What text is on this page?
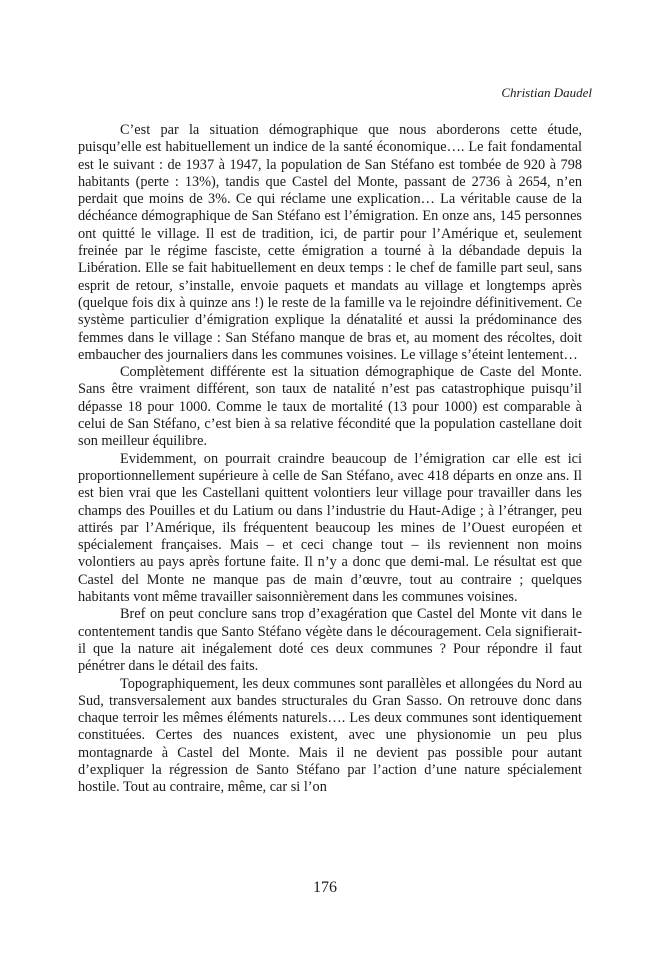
Christian Daudel

C’est par la situation démographique que nous aborderons cette étude, puisqu’elle est habituellement un indice de la santé économique…. Le fait fondamental est le suivant : de 1937 à 1947, la population de San Stéfano est tombée de 920 à 798 habitants (perte : 13%), tandis que Castel del Monte, passant de 2736 à 2654, n’en perdait que moins de 3%. Ce qui réclame une explication… La véritable cause de la déchéance démographique de San Stéfano est l’émigration. En onze ans, 145 personnes ont quitté le village. Il est de tradition, ici, de partir pour l’Amérique et, seulement freinée par le régime fasciste, cette émigration a tourné à la débandade depuis la Libération. Elle se fait habituellement en deux temps : le chef de famille part seul, sans esprit de retour, s’installe, envoie paquets et mandats au village et longtemps après (quelque fois dix à quinze ans !) le reste de la famille va le rejoindre définitivement. Ce système particulier d’émigration explique la dénatalité et aussi la prédominance des femmes dans le village : San Stéfano manque de bras et, au moment des récoltes, doit embaucher des journaliers dans les communes voisines. Le village s’éteint lentement…

Complètement différente est la situation démographique de Caste del Monte. Sans être vraiment différent, son taux de natalité n’est pas catastrophique puisqu’il dépasse 18 pour 1000. Comme le taux de mortalité (13 pour 1000) est comparable à celui de San Stéfano, c’est bien à sa relative fécondité que la population castellane doit son meilleur équilibre.

Evidemment, on pourrait craindre beaucoup de l’émigration car elle est ici proportionnellement supérieure à celle de San Stéfano, avec 418 départs en onze ans. Il est bien vrai que les Castellani quittent volontiers leur village pour travailler dans les champs des Pouilles et du Latium ou dans l’industrie du Haut-Adige ; à l’étranger, peu attirés par l’Amérique, ils fréquentent beaucoup les mines de l’Ouest européen et spécialement françaises. Mais – et ceci change tout – ils reviennent non moins volontiers au pays après fortune faite. Il n’y a donc que demi-mal. Le résultat est que Castel del Monte ne manque pas de main d’œuvre, tout au contraire ; quelques habitants vont même travailler saisonnièrement dans les communes voisines.

Bref on peut conclure sans trop d’exagération que Castel del Monte vit dans le contentement tandis que Santo Stéfano végète dans le découragement. Cela signifierait-il que la nature ait inégalement doté ces deux communes ? Pour répondre il faut pénétrer dans le détail des faits.

Topographiquement, les deux communes sont parallèles et allongées du Nord au Sud, transversalement aux bandes structurales du Gran Sasso. On retrouve donc dans chaque terroir les mêmes éléments naturels…. Les deux communes sont identiquement constituées. Certes des nuances existent, avec une physionomie un peu plus montagnarde à Castel del Monte. Mais il ne devient pas possible pour autant d’expliquer la régression de Santo Stéfano par l’action d’une nature spécialement hostile. Tout au contraire, même, car si l’on

176
